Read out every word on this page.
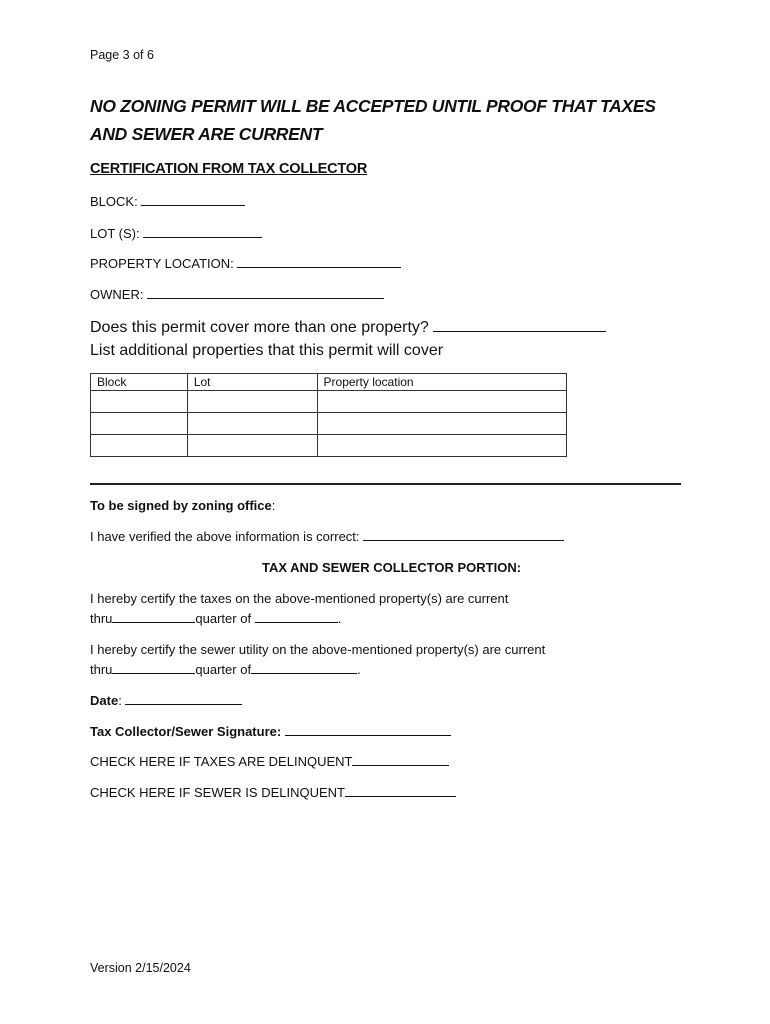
Page 3 of 6
NO ZONING PERMIT WILL BE ACCEPTED UNTIL PROOF THAT TAXES
AND SEWER ARE CURRENT
CERTIFICATION FROM TAX COLLECTOR
BLOCK:
LOT (S):
PROPERTY LOCATION:
OWNER:
Does this permit cover more than one property?
List additional properties that this permit will cover
Block	Lot	Property location

To be signed by zoning office:
I have verified the above information is correct:
TAX AND SEWER COLLECTOR PORTION:
I hereby certify the taxes on the above-mentioned property(s) are current
thru	quarter of	.
I hereby certify the sewer utility on the above-mentioned property(s) are current
thru	quarter of	.
Date:
Tax Collector/Sewer Signature:
CHECK HERE IF TAXES ARE DELINQUENT
CHECK HERE IF SEWER IS DELINQUENT
Version 2/15/2024
